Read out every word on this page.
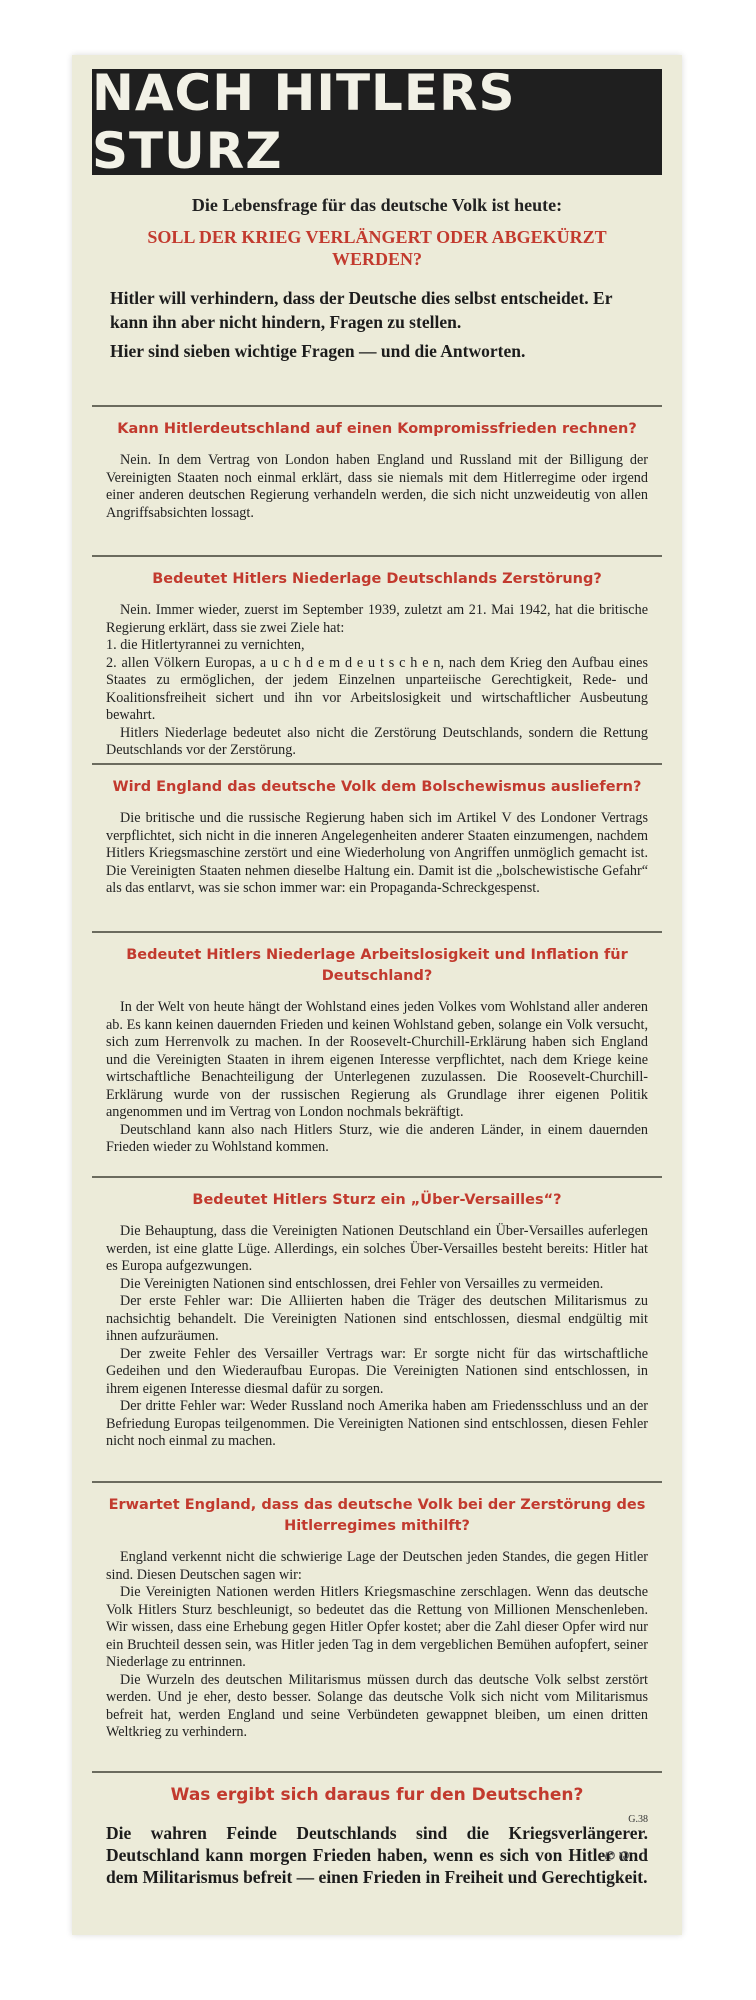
NACH HITLERS STURZ
Die Lebensfrage für das deutsche Volk ist heute:
SOLL DER KRIEG VERLÄNGERT ODER ABGEKÜRZT WERDEN?
Hitler will verhindern, dass der Deutsche dies selbst entscheidet. Er kann ihn aber nicht hindern, Fragen zu stellen.
Hier sind sieben wichtige Fragen — und die Antworten.
Kann Hitlerdeutschland auf einen Kompromissfrieden rechnen?

Nein. In dem Vertrag von London haben England und Russland mit der Billigung der Vereinigten Staaten noch einmal erklärt, dass sie niemals mit dem Hitlerregime oder irgend einer anderen deutschen Regierung verhandeln werden, die sich nicht unzweideutig von allen Angriffsabsichten lossagt.

Bedeutet Hitlers Niederlage Deutschlands Zerstörung?

Nein. Immer wieder, zuerst im September 1939, zuletzt am 21. Mai 1942, hat die britische Regierung erklärt, dass sie zwei Ziele hat:

1. die Hitlertyrannei zu vernichten,

2. allen Völkern Europas, a u c h d e m d e u t s c h e n, nach dem Krieg den Aufbau eines Staates zu ermöglichen, der jedem Einzelnen unparteiische Gerechtigkeit, Rede- und Koalitionsfreiheit sichert und ihn vor Arbeitslosigkeit und wirtschaftlicher Ausbeutung bewahrt.

Hitlers Niederlage bedeutet also nicht die Zerstörung Deutschlands, sondern die Rettung Deutschlands vor der Zerstörung.

Wird England das deutsche Volk dem Bolschewismus ausliefern?

Die britische und die russische Regierung haben sich im Artikel V des Londoner Vertrags verpflichtet, sich nicht in die inneren Angelegenheiten anderer Staaten einzumengen, nachdem Hitlers Kriegsmaschine zerstört und eine Wiederholung von Angriffen unmöglich gemacht ist. Die Vereinigten Staaten nehmen dieselbe Haltung ein. Damit ist die „bolschewistische Gefahr“ als das entlarvt, was sie schon immer war: ein Propaganda-Schreckgespenst.

Bedeutet Hitlers Niederlage Arbeitslosigkeit und Inflation für Deutschland?

In der Welt von heute hängt der Wohlstand eines jeden Volkes vom Wohlstand aller anderen ab. Es kann keinen dauernden Frieden und keinen Wohlstand geben, solange ein Volk versucht, sich zum Herrenvolk zu machen. In der Roosevelt-Churchill-Erklärung haben sich England und die Vereinigten Staaten in ihrem eigenen Interesse verpflichtet, nach dem Kriege keine wirtschaftliche Benachteiligung der Unterlegenen zuzulassen. Die Roosevelt-Churchill-Erklärung wurde von der russischen Regierung als Grundlage ihrer eigenen Politik angenommen und im Vertrag von London nochmals bekräftigt.

Deutschland kann also nach Hitlers Sturz, wie die anderen Länder, in einem dauernden Frieden wieder zu Wohlstand kommen.

Bedeutet Hitlers Sturz ein „Über-Versailles“?

Die Behauptung, dass die Vereinigten Nationen Deutschland ein Über-Versailles auferlegen werden, ist eine glatte Lüge. Allerdings, ein solches Über-Versailles besteht bereits: Hitler hat es Europa aufgezwungen.

Die Vereinigten Nationen sind entschlossen, drei Fehler von Versailles zu vermeiden.

Der erste Fehler war: Die Alliierten haben die Träger des deutschen Militarismus zu nachsichtig behandelt. Die Vereinigten Nationen sind entschlossen, diesmal endgültig mit ihnen aufzuräumen.

Der zweite Fehler des Versailler Vertrags war: Er sorgte nicht für das wirtschaftliche Gedeihen und den Wiederaufbau Europas. Die Vereinigten Nationen sind entschlossen, in ihrem eigenen Interesse diesmal dafür zu sorgen.

Der dritte Fehler war: Weder Russland noch Amerika haben am Friedensschluss und an der Befriedung Europas teilgenommen. Die Vereinigten Nationen sind entschlossen, diesen Fehler nicht noch einmal zu machen.

Erwartet England, dass das deutsche Volk bei der Zerstörung des Hitlerregimes mithilft?

England verkennt nicht die schwierige Lage der Deutschen jeden Standes, die gegen Hitler sind. Diesen Deutschen sagen wir:

Die Vereinigten Nationen werden Hitlers Kriegsmaschine zerschlagen. Wenn das deutsche Volk Hitlers Sturz beschleunigt, so bedeutet das die Rettung von Millionen Menschenleben. Wir wissen, dass eine Erhebung gegen Hitler Opfer kostet; aber die Zahl dieser Opfer wird nur ein Bruchteil dessen sein, was Hitler jeden Tag in dem vergeblichen Bemühen aufopfert, seiner Niederlage zu entrinnen.

Die Wurzeln des deutschen Militarismus müssen durch das deutsche Volk selbst zerstört werden. Und je eher, desto besser. Solange das deutsche Volk sich nicht vom Militarismus befreit hat, werden England und seine Verbündeten gewappnet bleiben, um einen dritten Weltkrieg zu verhindern.

Was ergibt sich daraus fur den Deutschen?
Die wahren Feinde Deutschlands sind die Kriegsverlängerer. Deutschland kann morgen Frieden haben, wenn es sich von Hitler und dem Militarismus befreit — einen Frieden in Freiheit und Gerechtigkeit.
G.38
